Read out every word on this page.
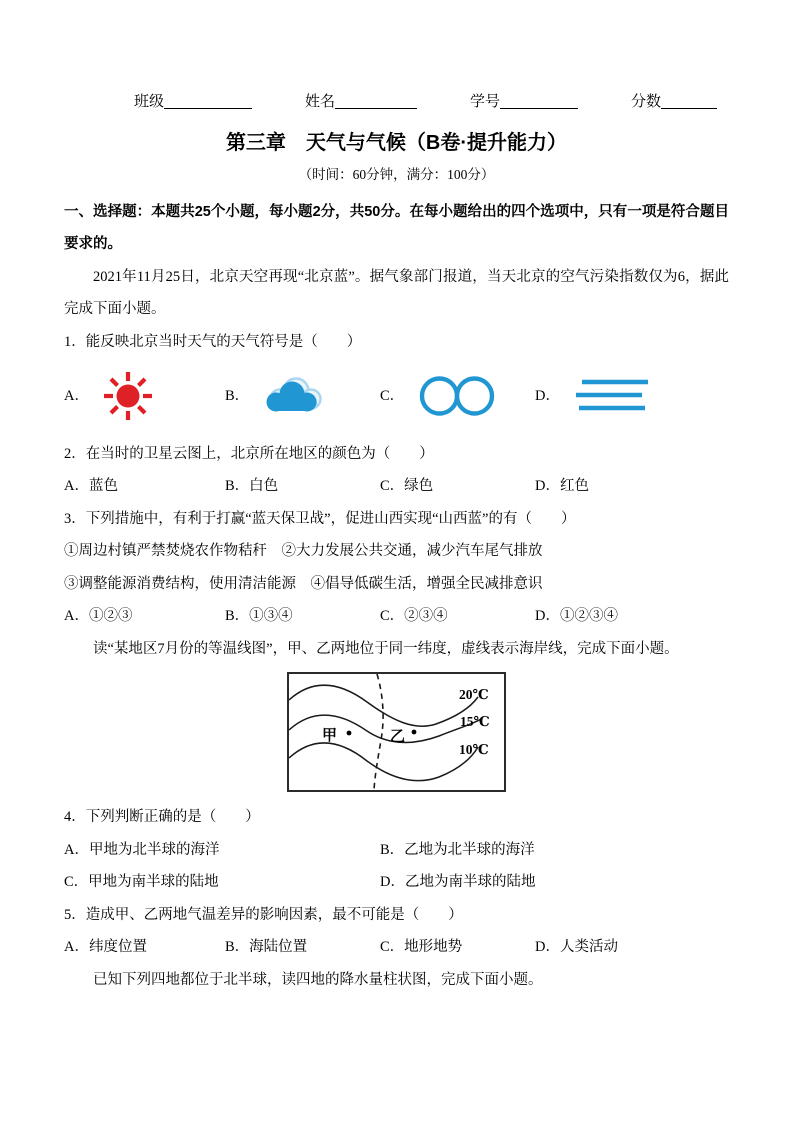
班级	姓名	学号	分数
第三章　天气与气候（B卷·提升能力）
（时间：60分钟，满分：100分）

一、选择题：本题共25个小题，每小题2分，共50分。在每小题给出的四个选项中，只有一项是符合题目要求的。

2021年11月25日，北京天空再现“北京蓝”。据气象部门报道，当天北京的空气污染指数仅为6，据此完成下面小题。

1．能反映北京当时天气的天气符号是（　　）

A．	B．	C．	D．

2．在当时的卫星云图上，北京所在地区的颜色为（　　）

A．蓝色	B．白色	C．绿色	D．红色

3．下列措施中，有利于打赢“蓝天保卫战”，促进山西实现“山西蓝”的有（　　）

①周边村镇严禁焚烧农作物秸秆　②大力发展公共交通，减少汽车尾气排放

③调整能源消费结构，使用清洁能源　④倡导低碳生活，增强全民减排意识

A．①②③	B．①③④	C．②③④	D．①②③④

读“某地区7月份的等温线图”，甲、乙两地位于同一纬度，虚线表示海岸线，完成下面小题。

20℃
15℃
10℃
甲	乙

4．下列判断正确的是（　　）

A．甲地为北半球的海洋	B．乙地为北半球的海洋
C．甲地为南半球的陆地	D．乙地为南半球的陆地

5．造成甲、乙两地气温差异的影响因素，最不可能是（　　）

A．纬度位置	B．海陆位置	C．地形地势	D．人类活动

已知下列四地都位于北半球，读四地的降水量柱状图，完成下面小题。
